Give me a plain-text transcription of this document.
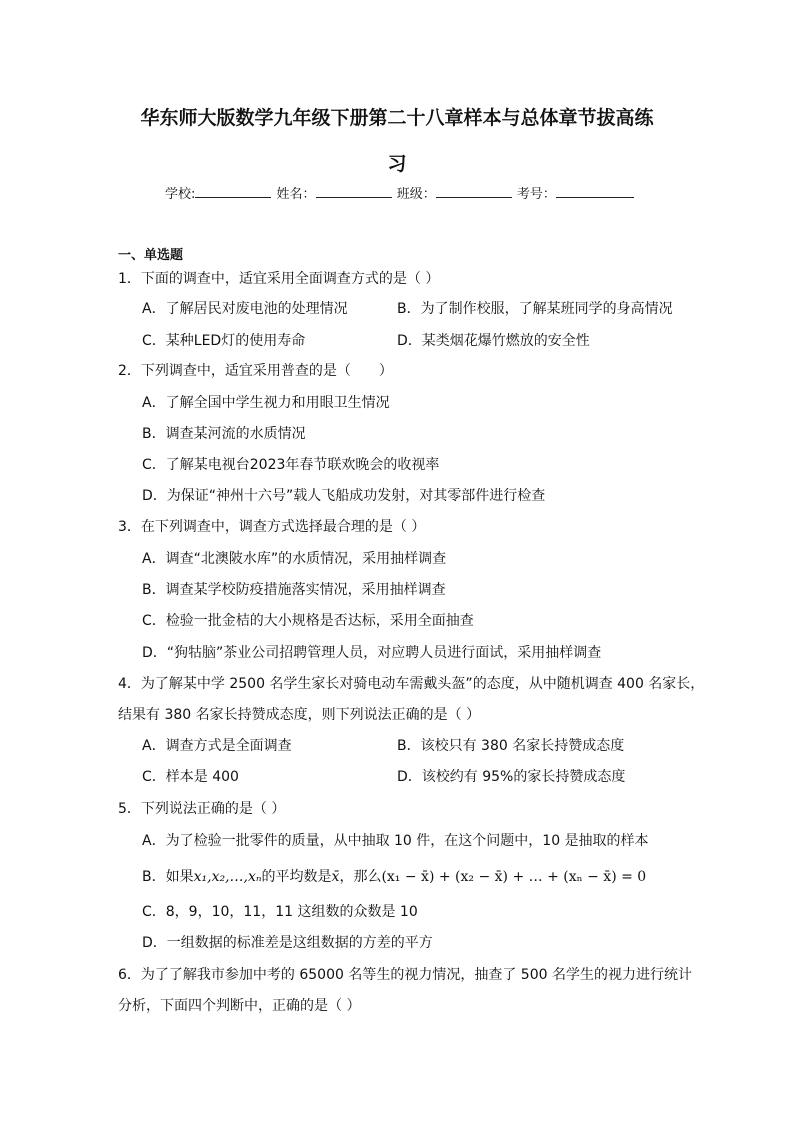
华东师大版数学九年级下册第二十八章样本与总体章节拔高练
习
学校:	姓名：	班级：	考号：
一、单选题
1．下面的调查中，适宜采用全面调查方式的是（ ）
A．了解居民对废电池的处理情况	B．为了制作校服，了解某班同学的身高情况
C．某种LED灯的使用寿命	D．某类烟花爆竹燃放的安全性
2．下列调查中，适宜采用普查的是（　　）
A．了解全国中学生视力和用眼卫生情况
B．调查某河流的水质情况
C．了解某电视台2023年春节联欢晚会的收视率
D．为保证“神州十六号”载人飞船成功发射，对其零部件进行检查
3．在下列调查中，调查方式选择最合理的是（ ）
A．调查“北澳陂水库”的水质情况，采用抽样调查
B．调查某学校防疫措施落实情况，采用抽样调查
C．检验一批金桔的大小规格是否达标，采用全面抽查
D．“狗牯脑”茶业公司招聘管理人员，对应聘人员进行面试，采用抽样调查
4．为了解某中学 2500 名学生家长对骑电动车需戴头盔”的态度，从中随机调查 400 名家长，
结果有 380 名家长持赞成态度，则下列说法正确的是（ ）
A．调查方式是全面调查	B．该校只有 380 名家长持赞成态度
C．样本是 400	D．该校约有 95%的家长持赞成态度
5．下列说法正确的是（ ）
A．为了检验一批零件的质量，从中抽取 10 件，在这个问题中，10 是抽取的样本
B．如果x₁,x₂,…,xₙ的平均数是x̄，那么(x₁ − x̄) + (x₂ − x̄) + … + (xₙ − x̄) = 0
C．8，9，10，11，11 这组数的众数是 10
D．一组数据的标准差是这组数据的方差的平方
6．为了了解我市参加中考的 65000 名等生的视力情况，抽查了 500 名学生的视力进行统计
分析，下面四个判断中，正确的是（ ）
